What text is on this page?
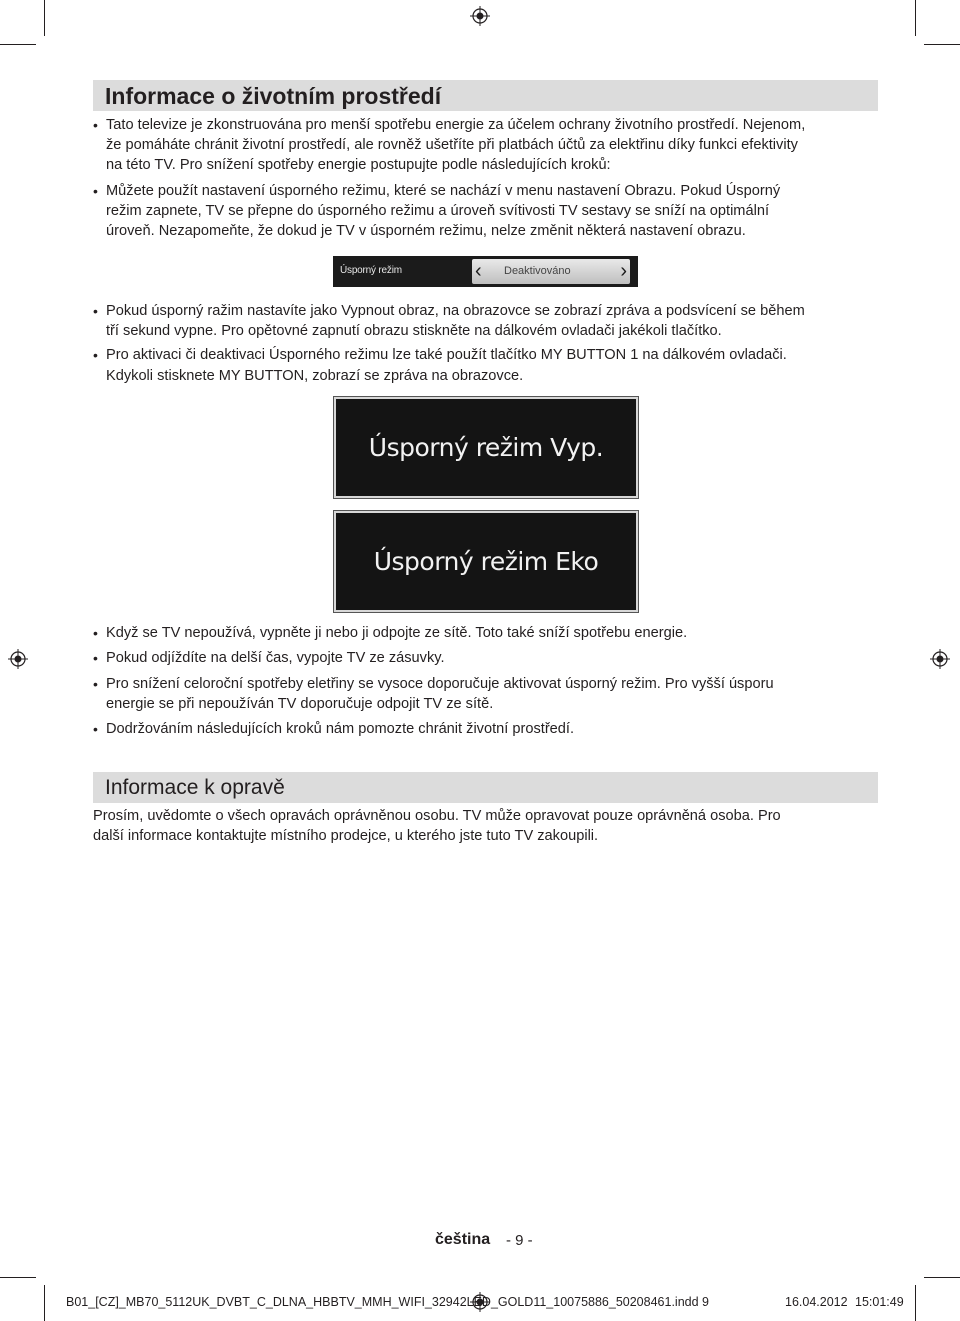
Informace o životním prostředí
• Tato televize je zkonstruována pro menší spotřebu energie za účelem ochrany životního prostředí. Nejenom,
že pomáháte chránit životní prostředí, ale rovněž ušetříte při platbách účtů za elektřinu díky funkci efektivity
na této TV. Pro snížení spotřeby energie postupujte podle následujících kroků:
• Můžete použít nastavení úsporného režimu, které se nachází v menu nastavení Obrazu. Pokud Úsporný
režim zapnete, TV se přepne do úsporného režimu a úroveň svítivosti TV sestavy se sníží na optimální
úroveň. Nezapomeňte, že dokud je TV v úsporném režimu, nelze změnit některá nastavení obrazu.
Úsporný režim	‹ Deaktivováno ›
• Pokud úsporný ražim nastavíte jako Vypnout obraz, na obrazovce se zobrazí zpráva a podsvícení se během
tří sekund vypne. Pro opětovné zapnutí obrazu stiskněte na dálkovém ovladači jakékoli tlačítko.
• Pro aktivaci či deaktivaci Úsporného režimu lze také použít tlačítko MY BUTTON 1 na dálkovém ovladači.
Kdykoli stisknete MY BUTTON, zobrazí se zpráva na obrazovce.
Úsporný režim Vyp.
Úsporný režim Eko
• Když se TV nepoužívá, vypněte ji nebo ji odpojte ze sítě. Toto také sníží spotřebu energie.
• Pokud odjíždíte na delší čas, vypojte TV ze zásuvky.
• Pro snížení celoroční spotřeby eletřiny se vysoce doporučuje aktivovat úsporný režim. Pro vyšší úsporu
energie se při nepoužíván TV doporučuje odpojit TV ze sítě.
• Dodržováním následujících kroků nám pomozte chránit životní prostředí.
Informace k opravě
Prosím, uvědomte o všech opravách oprávněnou osobu. TV může opravovat pouze oprávněná osoba. Pro
další informace kontaktujte místního prodejce, u kterého jste tuto TV zakoupili.
čeština - 9 -
B01_[CZ]_MB70_5112UK_DVBT_C_DLNA_HBBTV_MMH_WIFI_32942LED_GOLD11_10075886_50208461.indd 9	16.04.2012 15:01:49
